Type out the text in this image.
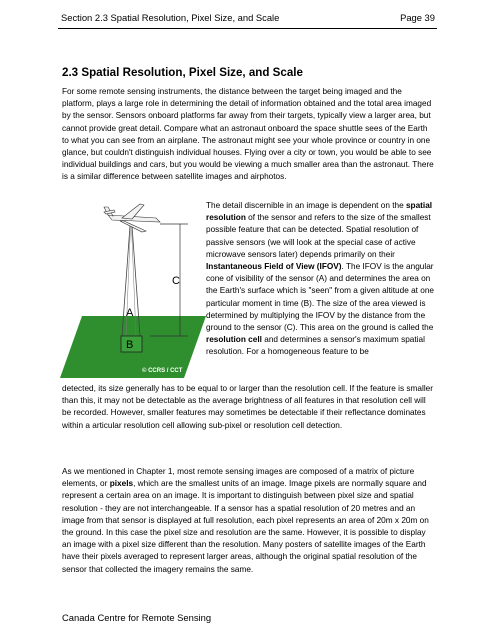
Section 2.3 Spatial Resolution, Pixel Size, and Scale	Page 39
2.3 Spatial Resolution, Pixel Size, and Scale

For some remote sensing instruments, the distance between the target being imaged and the platform, plays a large role in determining the detail of information obtained and the total area imaged by the sensor. Sensors onboard platforms far away from their targets, typically view a larger area, but cannot provide great detail. Compare what an astronaut onboard the space shuttle sees of the Earth to what you can see from an airplane. The astronaut might see your whole province or country in one glance, but couldn't distinguish individual houses. Flying over a city or town, you would be able to see individual buildings and cars, but you would be viewing a much smaller area than the astronaut. There is a similar difference between satellite images and airphotos.

A
B
C
© CCRS / CCT

The detail discernible in an image is dependent on the spatial resolution of the sensor and refers to the size of the smallest possible feature that can be detected. Spatial resolution of passive sensors (we will look at the special case of active microwave sensors later) depends primarily on their Instantaneous Field of View (IFOV). The IFOV is the angular cone of visibility of the sensor (A) and determines the area on the Earth's surface which is "seen" from a given altitude at one particular moment in time (B). The size of the area viewed is determined by multiplying the IFOV by the distance from the ground to the sensor (C). This area on the ground is called the resolution cell and determines a sensor's maximum spatial resolution. For a homogeneous feature to be

detected, its size generally has to be equal to or larger than the resolution cell. If the feature is smaller than this, it may not be detectable as the average brightness of all features in that resolution cell will be recorded. However, smaller features may sometimes be detectable if their reflectance dominates within a articular resolution cell allowing sub-pixel or resolution cell detection.

As we mentioned in Chapter 1, most remote sensing images are composed of a matrix of picture elements, or pixels, which are the smallest units of an image. Image pixels are normally square and represent a certain area on an image. It is important to distinguish between pixel size and spatial resolution - they are not interchangeable. If a sensor has a spatial resolution of 20 metres and an image from that sensor is displayed at full resolution, each pixel represents an area of 20m x 20m on the ground. In this case the pixel size and resolution are the same. However, it is possible to display an image with a pixel size different than the resolution. Many posters of satellite images of the Earth have their pixels averaged to represent larger areas, although the original spatial resolution of the sensor that collected the imagery remains the same.

Canada Centre for Remote Sensing
